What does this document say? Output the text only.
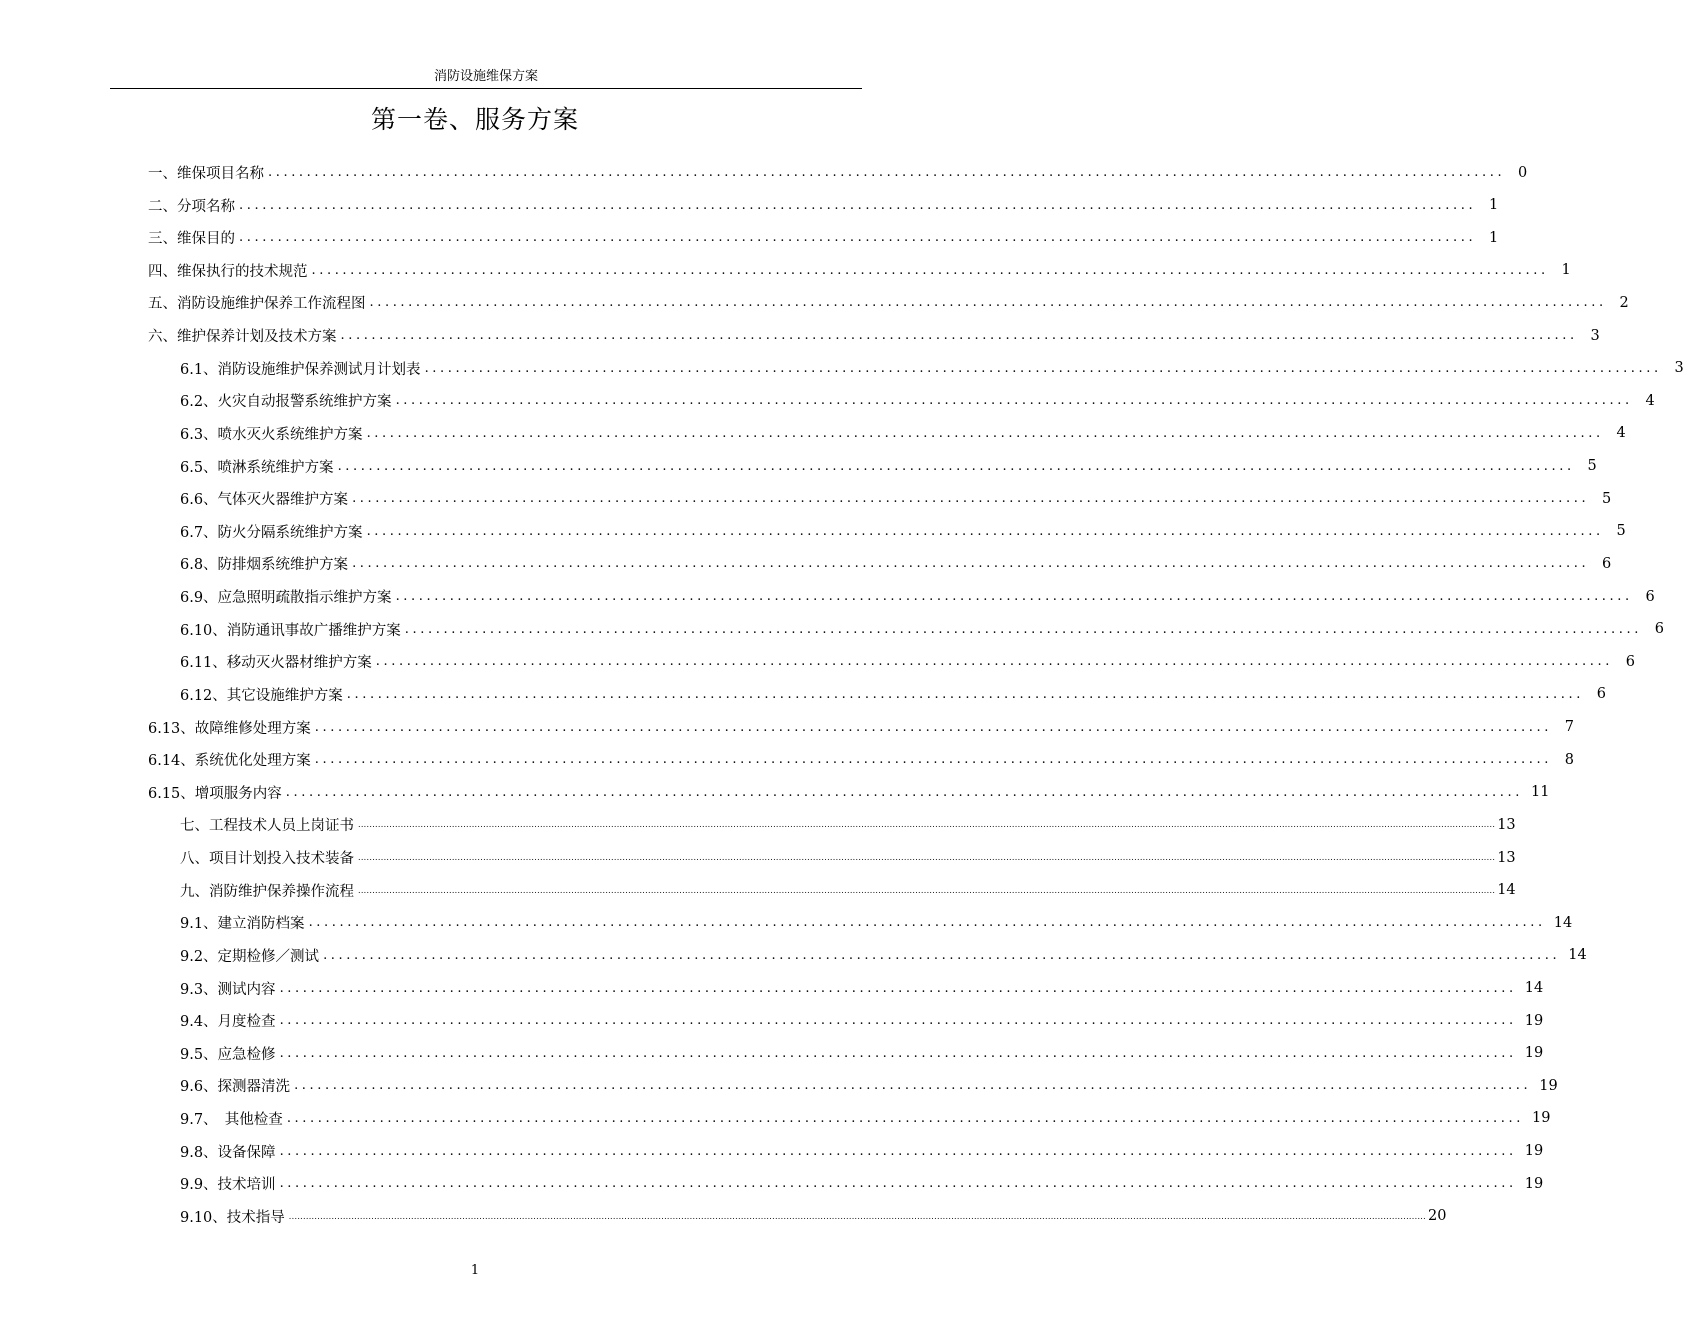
消防设施维保方案
第一卷、服务方案
一、维保项目名称 ................................................................................................................................................................ 0
二、分项名称 ................................................................................................................................................................ 1
三、维保目的 ................................................................................................................................................................ 1
四、维保执行的技术规范 ................................................................................................................................................................ 1
五、消防设施维护保养工作流程图 ................................................................................................................................................................ 2
六、维护保养计划及技术方案 ................................................................................................................................................................ 3
6.1、消防设施维护保养测试月计划表 ................................................................................................................................................................ 3
6.2、火灾自动报警系统维护方案 ................................................................................................................................................................ 4
6.3、喷水灭火系统维护方案 ................................................................................................................................................................ 4
6.5、喷淋系统维护方案 ................................................................................................................................................................ 5
6.6、气体灭火器维护方案 ................................................................................................................................................................ 5
6.7、防火分隔系统维护方案 ................................................................................................................................................................ 5
6.8、防排烟系统维护方案 ................................................................................................................................................................ 6
6.9、应急照明疏散指示维护方案 ................................................................................................................................................................ 6
6.10、消防通讯事故广播维护方案 ................................................................................................................................................................ 6
6.11、移动灭火器材维护方案 ................................................................................................................................................................ 6
6.12、其它设施维护方案 ................................................................................................................................................................ 6
6.13、故障维修处理方案 ................................................................................................................................................................ 7
6.14、系统优化处理方案 ................................................................................................................................................................ 8
6.15、增项服务内容 ................................................................................................................................................................ 11
七、工程技术人员上岗证书 ................................................................................................................................................................................................................................................................................................................................................................................................................ 13
八、项目计划投入技术装备 ................................................................................................................................................................................................................................................................................................................................................................................................................ 13
九、消防维护保养操作流程 ................................................................................................................................................................................................................................................................................................................................................................................................................ 14
9.1、建立消防档案 ................................................................................................................................................................ 14
9.2、定期检修／测试 ................................................................................................................................................................ 14
9.3、测试内容 ................................................................................................................................................................ 14
9.4、月度检查 ................................................................................................................................................................ 19
9.5、应急检修 ................................................................................................................................................................ 19
9.6、探测器清洗 ................................................................................................................................................................ 19
9.7、　其他检查 ................................................................................................................................................................ 19
9.8、设备保障 ................................................................................................................................................................ 19
9.9、技术培训 ................................................................................................................................................................ 19
9.10、技术指导 ................................................................................................................................................................................................................................................................................................................................................................................................................ 20
1
